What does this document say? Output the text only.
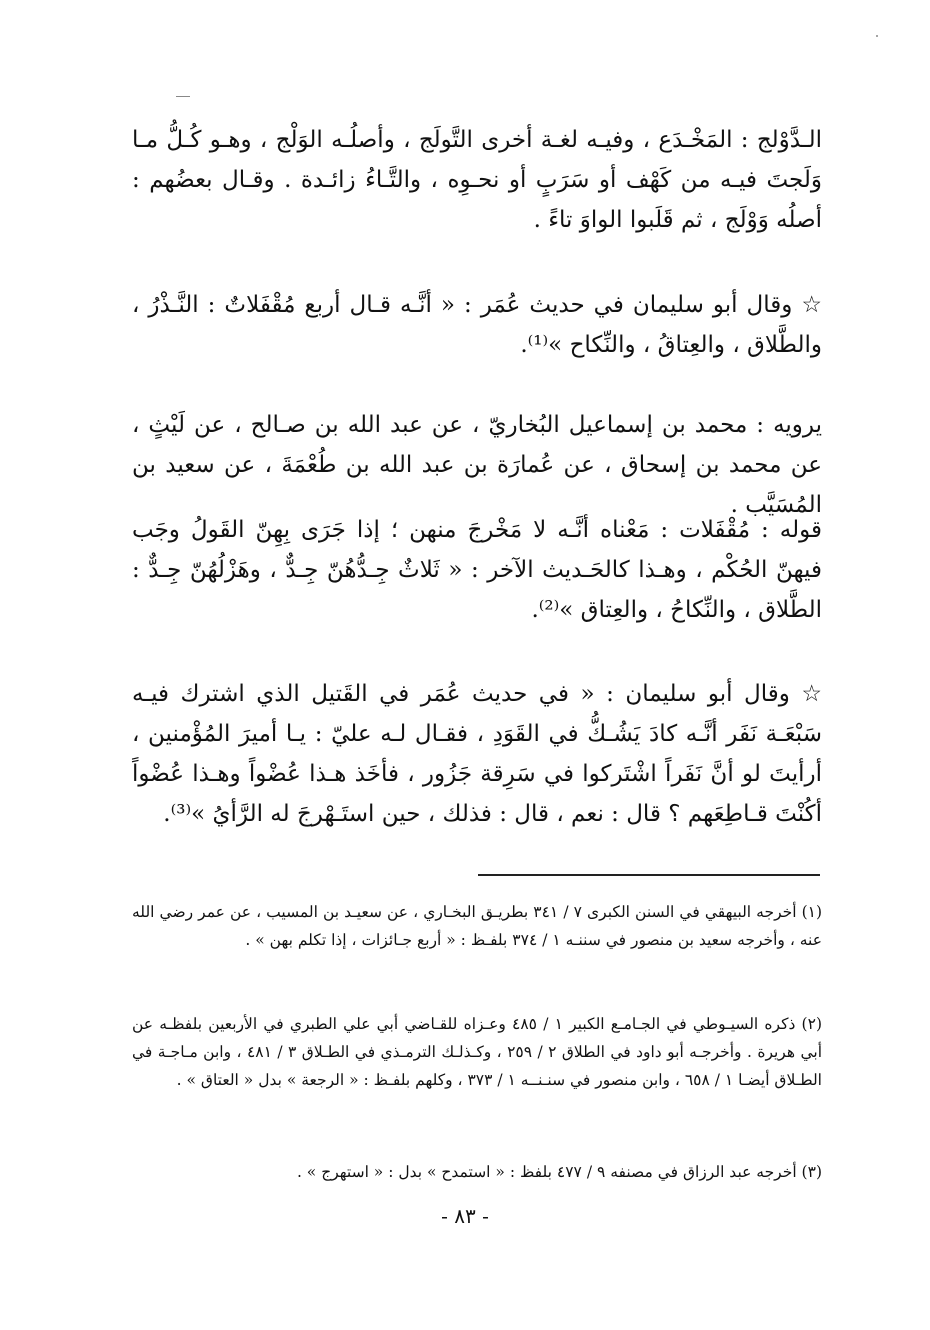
الـدَّوْلج : المَخْـدَع ، وفيـه لغـة أخرى التَّولَج ، وأصلُـه الوَلْج ، وهـو كُـلُّ مـا وَلَجتَ فيـه من كَهْف أو سَرَبٍ أو نحـوِه ، والتَّـاءُ زائـدة . وقـال بعضُهم : أصلُه وَوْلَج ، ثم قَلَبوا الواوَ تاءً .

☆ وقال أبو سليمان في حديث عُمَر : « أنَّـه قـال أربع مُقْفَلاتٌ : النَّـذْرُ ، والطَّلاق ، والعِتاقُ ، والنِّكاح »⁽¹⁾.

يرويه : محمد بن إسماعيل البُخاريّ ، عن عبد الله بن صـالح ، عن لَيْثٍ ، عن محمد بن إسحاق ، عن عُمارَة بن عبد الله بن طُعْمَةَ ، عن سعيد بن المُسَيَّب .

قوله : مُقْفَلات : مَعْناه أنَّـه لا مَخْرجَ منهن ؛ إذا جَرَى بِهِنّ القَولُ وجَب فيهنّ الحُكْم ، وهـذا كالحَـديث الآخر : « ثَلاثٌ جِـدُّهُنّ جِـدٌّ ، وهَزْلُهُنّ جِـدٌّ : الطَّلاق ، والنِّكاحُ ، والعِتاق »⁽²⁾.

☆ وقال أبو سليمان : « في حديث عُمَر في القَتيل الذي اشترك فيـه سَبْعَـة نَفَر أنَّـه كادَ يَشُـكُّ في القَوَدِ ، فقـال لـه عليّ : يـا أميرَ المُؤْمنين ، أرأيتَ لو أنَّ نَفَراً اشْتَركوا في سَرِقة جَزُور ، فأخَذ هـذا عُضْواً وهـذا عُضْواً أكُنْتَ قـاطِعَهم ؟ قال : نعم ، قال : فذلك ، حين استَـهْرجَ له الرَّأيُ »⁽³⁾.

(١) أخرجه البيهقي في السنن الكبرى ٧ / ٣٤١ بطريـق البخـاري ، عن سعيـد بن المسيب ، عن عمر رضي الله عنه ، وأخرجه سعيد بن منصور في سننـه ١ / ٣٧٤ بلفـظ : « أربع جـائزات ، إذا تكلم بهن » .

(٢) ذكره السيـوطي في الجـامـع الكبير ١ / ٤٨٥ وعـزاه للقـاضي أبي علي الطبري في الأربعين بلفظـه عن أبي هريرة . وأخرجـه أبو داود في الطلاق ٢ / ٢٥٩ ، وكـذلـك الترمـذي في الطـلاق ٣ / ٤٨١ ، وابن مـاجـة في الطـلاق أيضـا ١ / ٦٥٨ ، وابن منصور في سنـنــه ١ / ٣٧٣ ، وكلهم بلفـظ : « الرجعة » بدل « العتاق » .

(٣) أخرجه عبد الرزاق في مصنفه ٩ / ٤٧٧ بلفظ : « استمدح » بدل : « استهرج » .

- ٨٣ -
